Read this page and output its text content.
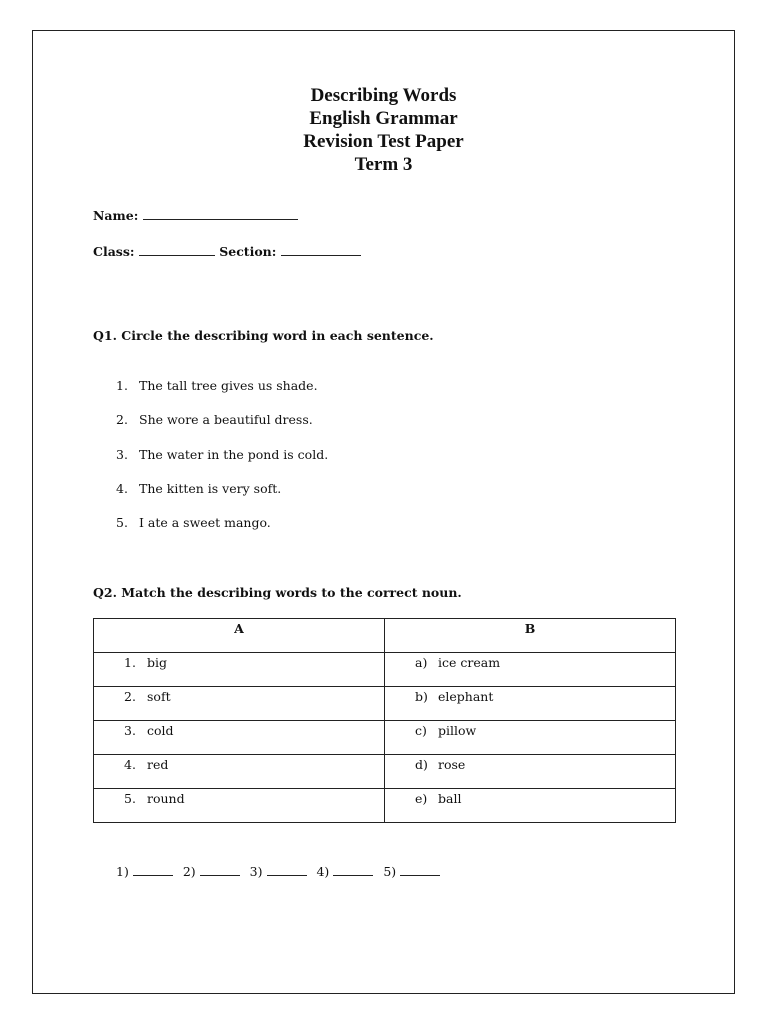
Describing Words
English Grammar
Revision Test Paper
Term 3
Name:
Class:	Section:
Q1. Circle the describing word in each sentence.
1. The tall tree gives us shade.
2. She wore a beautiful dress.
3. The water in the pond is cold.
4. The kitten is very soft.
5. I ate a sweet mango.
Q2. Match the describing words to the correct noun.
A	B
1. big	a) ice cream
2. soft	b) elephant
3. cold	c) pillow
4. red	d) rose
5. round	e) ball
1)	2)	3)	4)	5)
